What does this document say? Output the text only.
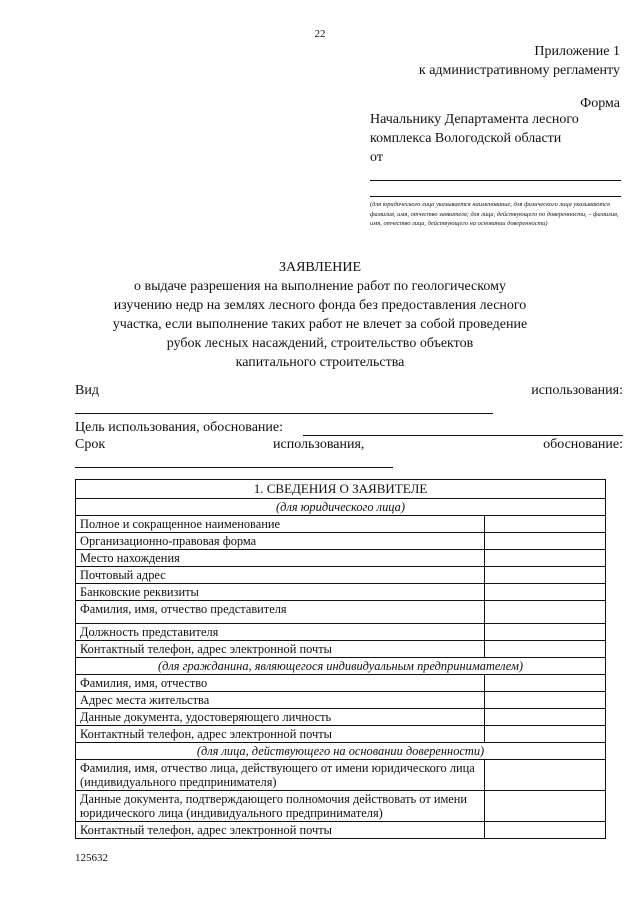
22
Приложение 1
к административному регламенту
Форма
Начальнику Департамента лесного
комплекса Вологодской области
от
(для юридического лица указывается наименование, для физического лица указываются фамилия, имя, отчество заявителя; для лица, действующего по доверенности, – фамилия, имя, отчество лица, действующего на основании доверенности)
ЗАЯВЛЕНИЕ
о выдаче разрешения на выполнение работ по геологическому
изучению недр на землях лесного фонда без предоставления лесного
участка, если выполнение таких работ не влечет за собой проведение
рубок лесных насаждений, строительство объектов
капитального строительства
Вид	использования:
Цель использования, обоснование:
Срок	использования,	обоснование:
1. СВЕДЕНИЯ О ЗАЯВИТЕЛЕ	
(для юридического лица)	
Полное и сокращенное наименование	
Организационно-правовая форма	
Место нахождения	
Почтовый адрес	
Банковские реквизиты	
Фамилия, имя, отчество представителя	
Должность представителя	
Контактный телефон, адрес электронной почты	
(для гражданина, являющегося индивидуальным предпринимателем)	
Фамилия, имя, отчество	
Адрес места жительства	
Данные документа, удостоверяющего личность	
Контактный телефон, адрес электронной почты	
(для лица, действующего на основании доверенности)	
Фамилия, имя, отчество лица, действующего от имени юридического лица (индивидуального предпринимателя)	
Данные документа, подтверждающего полномочия действовать от имени юридического лица (индивидуального предпринимателя)	
Контактный телефон, адрес электронной почты	
125632
